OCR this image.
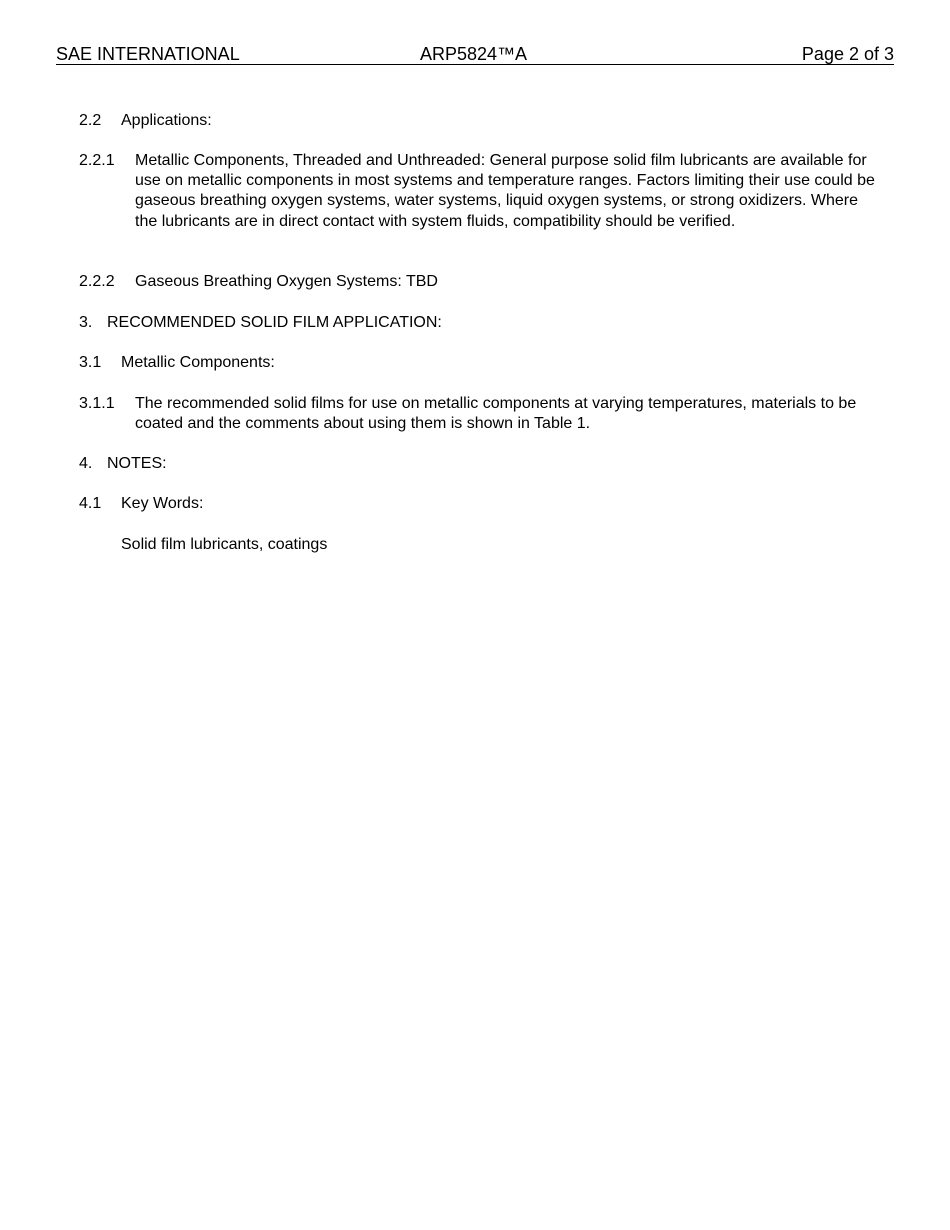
SAE INTERNATIONAL	ARP5824™A	Page 2 of 3
2.2 Applications:
2.2.1 Metallic Components, Threaded and Unthreaded: General purpose solid film lubricants are available for use on metallic components in most systems and temperature ranges. Factors limiting their use could be gaseous breathing oxygen systems, water systems, liquid oxygen systems, or strong oxidizers. Where the lubricants are in direct contact with system fluids, compatibility should be verified.
2.2.2 Gaseous Breathing Oxygen Systems: TBD
3. RECOMMENDED SOLID FILM APPLICATION:
3.1 Metallic Components:
3.1.1 The recommended solid films for use on metallic components at varying temperatures, materials to be coated and the comments about using them is shown in Table 1.
4. NOTES:
4.1 Key Words:
Solid film lubricants, coatings
